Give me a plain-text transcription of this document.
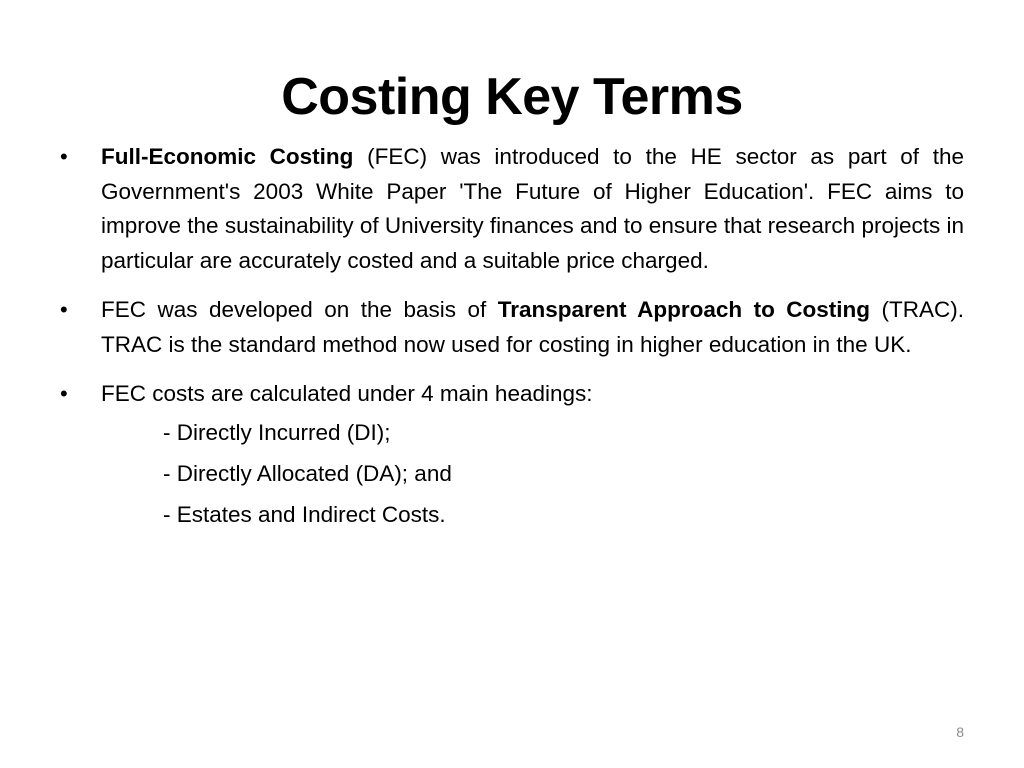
Costing Key Terms
•	Full-Economic Costing (FEC) was introduced to the HE sector as part of the Government's 2003 White Paper 'The Future of Higher Education'. FEC aims to improve the sustainability of University finances and to ensure that research projects in particular are accurately costed and a suitable price charged.
•	FEC was developed on the basis of Transparent Approach to Costing (TRAC). TRAC is the standard method now used for costing in higher education in the UK.
•	FEC costs are calculated under 4 main headings:
- Directly Incurred (DI);
- Directly Allocated (DA); and
- Estates and Indirect Costs.
8
